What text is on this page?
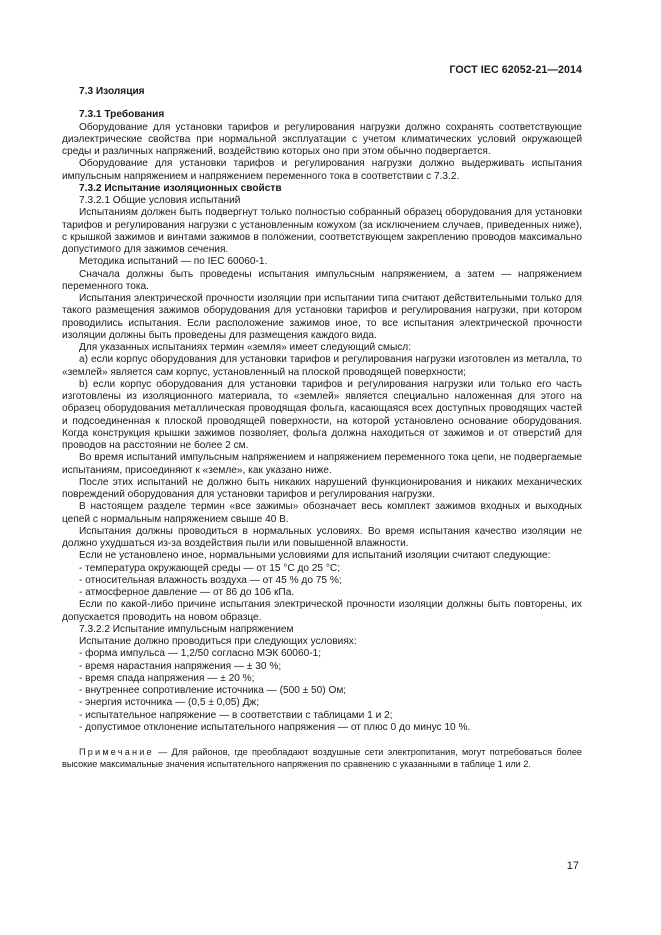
ГОСТ IEC 62052-21—2014

7.3 Изоляция

7.3.1 Требования

Оборудование для установки тарифов и регулирования нагрузки должно сохранять соответствующие диэлектрические свойства при нормальной эксплуатации с учетом климатических условий окружающей среды и различных напряжений, воздействию которых оно при этом обычно подвергается.

Оборудование для установки тарифов и регулирования нагрузки должно выдерживать испытания импульсным напряжением и напряжением переменного тока в соответствии с 7.3.2.

7.3.2 Испытание изоляционных свойств

7.3.2.1 Общие условия испытаний

Испытаниям должен быть подвергнут только полностью собранный образец оборудования для установки тарифов и регулирования нагрузки с установленным кожухом (за исключением случаев, приведенных ниже), с крышкой зажимов и винтами зажимов в положении, соответствующем закреплению проводов максимально допустимого для зажимов сечения.

Методика испытаний — по IEC 60060-1.

Сначала должны быть проведены испытания импульсным напряжением, а затем — напряжением переменного тока.

Испытания электрической прочности изоляции при испытании типа считают действительными только для такого размещения зажимов оборудования для установки тарифов и регулирования нагрузки, при котором проводились испытания. Если расположение зажимов иное, то все испытания электрической прочности изоляции должны быть проведены для размещения каждого вида.

Для указанных испытаниях термин «земля» имеет следующий смысл:

а) если корпус оборудования для установки тарифов и регулирования нагрузки изготовлен из металла, то «землей» является сам корпус, установленный на плоской проводящей поверхности;

b) если корпус оборудования для установки тарифов и регулирования нагрузки или только его часть изготовлены из изоляционного материала, то «землей» является специально наложенная для этого на образец оборудования металлическая проводящая фольга, касающаяся всех доступных проводящих частей и подсоединенная к плоской проводящей поверхности, на которой установлено основание оборудования. Когда конструкция крышки зажимов позволяет, фольга должна находиться от зажимов и от отверстий для проводов на расстоянии не более 2 см.

Во время испытаний импульсным напряжением и напряжением переменного тока цепи, не подвергаемые испытаниям, присоединяют к «земле», как указано ниже.

После этих испытаний не должно быть никаких нарушений функционирования и никаких механических повреждений оборудования для установки тарифов и регулирования нагрузки.

В настоящем разделе термин «все зажимы» обозначает весь комплект зажимов входных и выходных цепей с нормальным напряжением свыше 40 В.

Испытания должны проводиться в нормальных условиях. Во время испытания качество изоляции не должно ухудшаться из-за воздействия пыли или повышенной влажности.

Если не установлено иное, нормальными условиями для испытаний изоляции считают следующие:

- температура окружающей среды — от 15 °С до 25 °С;

- относительная влажность воздуха — от 45 % до 75 %;

- атмосферное давление — от 86 до 106 кПа.

Если по какой-либо причине испытания электрической прочности изоляции должны быть повторены, их допускается проводить на новом образце.

7.3.2.2 Испытание импульсным напряжением

Испытание должно проводиться при следующих условиях:

- форма импульса — 1,2/50 согласно МЭК 60060-1;

- время нарастания напряжения — ± 30 %;

- время спада напряжения — ± 20 %;

- внутреннее сопротивление источника — (500 ± 50) Ом;

- энергия источника — (0,5 ± 0,05) Дж;

- испытательное напряжение — в соответствии с таблицами 1 и 2;

- допустимое отклонение испытательного напряжения — от плюс 0 до минус 10 %.

Примечание — Для районов, где преобладают воздушные сети электропитания, могут потребоваться более высокие максимальные значения испытательного напряжения по сравнению с указанными в таблице 1 или 2.

17
